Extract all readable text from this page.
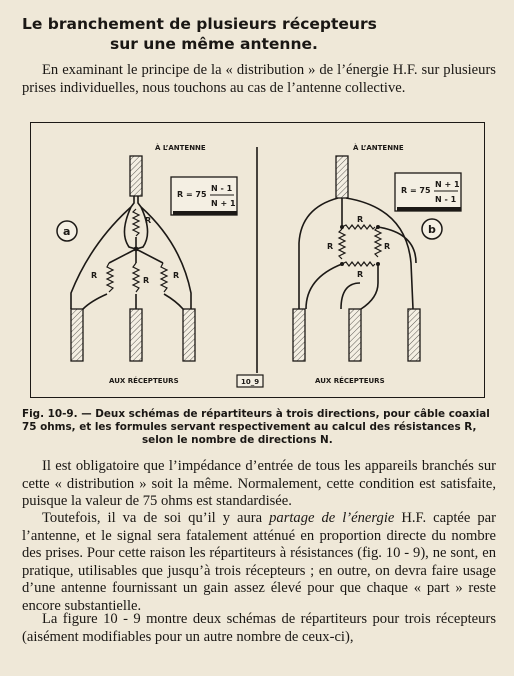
Le branchement de plusieurs récepteurs
sur une même antenne.

En examinant le principe de la « distribution » de l’énergie H.F. sur plusieurs prises individuelles, nous touchons au cas de l’antenne collective.

À L’ANTENNE
R
R
R
R
R = 75
N - 1
N + 1
a
AUX RÉCEPTEURS	10_9
À L’ANTENNE
R	R
R
R
R = 75
N + 1
N - 1
b
AUX RÉCEPTEURS
Fig. 10-9. — Deux schémas de répartiteurs à trois directions, pour câble coaxial
75 ohms, et les formules servant respectivement au calcul des résistances R,
selon le nombre de directions N.

Il est obligatoire que l’impédance d’entrée de tous les appareils branchés sur cette « distribution » soit la même. Normalement, cette condition est satisfaite, puisque la valeur de 75 ohms est standardisée.

Toutefois, il va de soi qu’il y aura partage de l’énergie H.F. captée par l’antenne, et le signal sera fatalement atténué en proportion directe du nombre des prises. Pour cette raison les répartiteurs à résistances (fig. 10 - 9), ne sont, en pratique, utilisables que jusqu’à trois récepteurs ; en outre, on devra faire usage d’une antenne fournissant un gain assez élevé pour que chaque « part » reste encore substantielle.

La figure 10 - 9 montre deux schémas de répartiteurs pour trois récepteurs (aisément modifiables pour un autre nombre de ceux-ci),
